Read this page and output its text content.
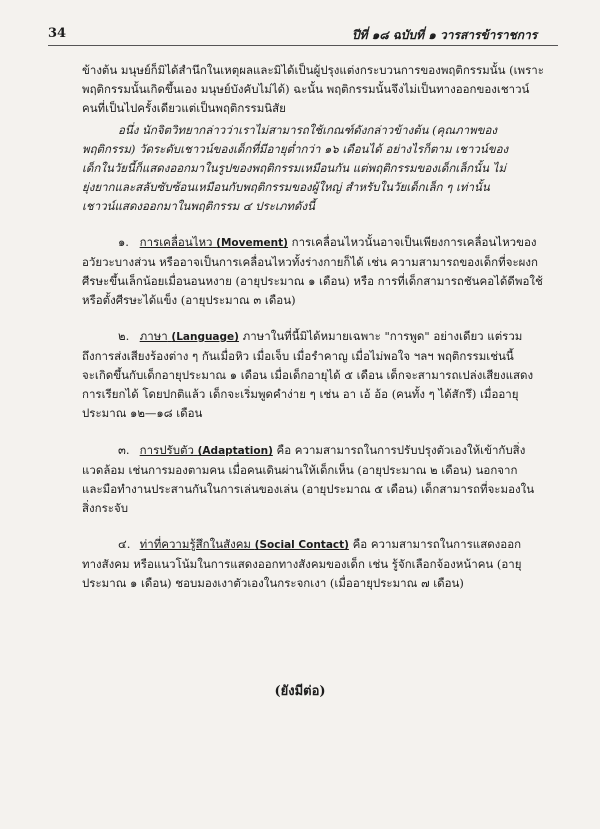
34	ปีที่ ๑๘ ฉบับที่ ๑ วารสารข้าราชการ
ข้างต้น มนุษย์ก็มิได้สำนึกในเหตุผลและมิได้เป็นผู้ปรุงแต่งกระบวนการของพฤติกรรมนั้น (เพราะ
พฤติกรรมนั้นเกิดขึ้นเอง มนุษย์บังคับไม่ได้) ฉะนั้น พฤติกรรมนั้นจึงไม่เป็นทางออกของเชาวน์
คนที่เป็นไปครั้งเดียวแต่เป็นพฤติกรรมนิสัย
อนึ่ง นักจิตวิทยากล่าวว่าเราไม่สามารถใช้เกณฑ์ดังกล่าวข้างต้น (คุณภาพของ
พฤติกรรม) วัดระดับเชาวน์ของเด็กที่มีอายุต่ำกว่า ๑๖ เดือนได้ อย่างไรก็ตาม เชาวน์ของ
เด็กในวัยนี้ก็แสดงออกมาในรูปของพฤติกรรมเหมือนกัน แต่พฤติกรรมของเด็กเล็กนั้น ไม่
ยุ่งยากและสลับซับซ้อนเหมือนกับพฤติกรรมของผู้ใหญ่ สำหรับในวัยเด็กเล็ก ๆ เท่านั้น
เชาวน์แสดงออกมาในพฤติกรรม ๔ ประเภทดังนี้
๑. การเคลื่อนไหว (Movement) การเคลื่อนไหวนั้นอาจเป็นเพียงการเคลื่อนไหวของ
อวัยวะบางส่วน หรืออาจเป็นการเคลื่อนไหวทั้งร่างกายก็ได้ เช่น ความสามารถของเด็กที่จะผงก
ศีรษะขึ้นเล็กน้อยเมื่อนอนหงาย (อายุประมาณ ๑ เดือน) หรือ การที่เด็กสามารถชันคอได้ดีพอใช้
หรือตั้งศีรษะได้แข็ง (อายุประมาณ ๓ เดือน)
๒. ภาษา (Language) ภาษาในที่นี้มิได้หมายเฉพาะ "การพูด" อย่างเดียว แต่รวม
ถึงการส่งเสียงร้องต่าง ๆ กันเมื่อหิว เมื่อเจ็บ เมื่อรำคาญ เมื่อไม่พอใจ ฯลฯ พฤติกรรมเช่นนี้
จะเกิดขึ้นกับเด็กอายุประมาณ ๑ เดือน เมื่อเด็กอายุได้ ๕ เดือน เด็กจะสามารถเปล่งเสียงแสดง
การเรียกได้ โดยปกติแล้ว เด็กจะเริ่มพูดคำง่าย ๆ เช่น อา เอ้ อ้อ (คนทั้ง ๆ ได้สักรึ) เมื่ออายุ
ประมาณ ๑๒—๑๘ เดือน
๓. การปรับตัว (Adaptation) คือ ความสามารถในการปรับปรุงตัวเองให้เข้ากับสิ่ง
แวดล้อม เช่นการมองตามคน เมื่อคนเดินผ่านให้เด็กเห็น (อายุประมาณ ๒ เดือน) นอกจาก
และมือทำงานประสานกันในการเล่นของเล่น (อายุประมาณ ๕ เดือน) เด็กสามารถที่จะมองใน
สิ่งกระจับ
๔. ท่าที่ความรู้สึกในสังคม (Social Contact) คือ ความสามารถในการแสดงออก
ทางสังคม หรือแนวโน้มในการแสดงออกทางสังคมของเด็ก เช่น รู้จักเลือกจ้องหน้าคน (อายุ
ประมาณ ๑ เดือน) ชอบมองเงาตัวเองในกระจกเงา (เมื่ออายุประมาณ ๗ เดือน)
(ยังมีต่อ)
